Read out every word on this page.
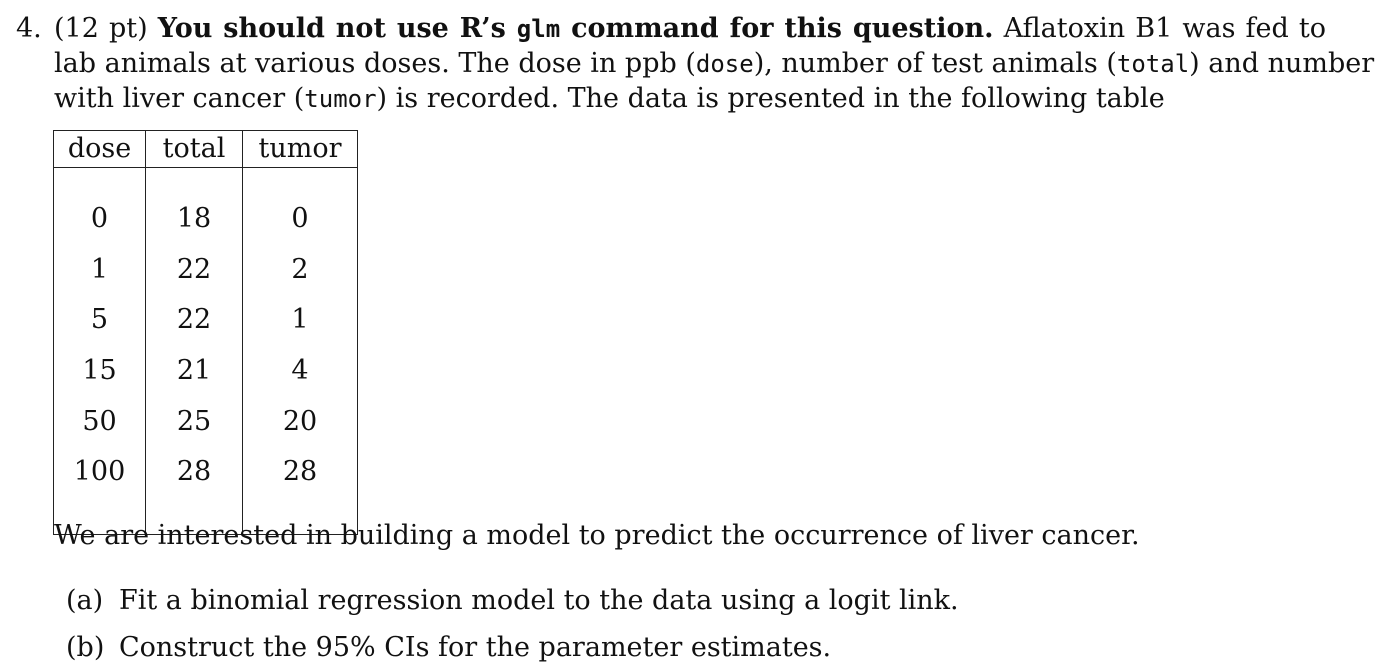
4. (12 pt) You should not use R’s glm command for this question. Aflatoxin B1 was fed to
lab animals at various doses. The dose in ppb (dose), number of test animals (total) and number
with liver cancer (tumor) is recorded. The data is presented in the following table
dose	total	tumor

0	18	0
1	22	2
5	22	1
15	21	4
50	25	20
100	28	28

We are interested in building a model to predict the occurrence of liver cancer.
(a) Fit a binomial regression model to the data using a logit link.
(b) Construct the 95% CIs for the parameter estimates.
